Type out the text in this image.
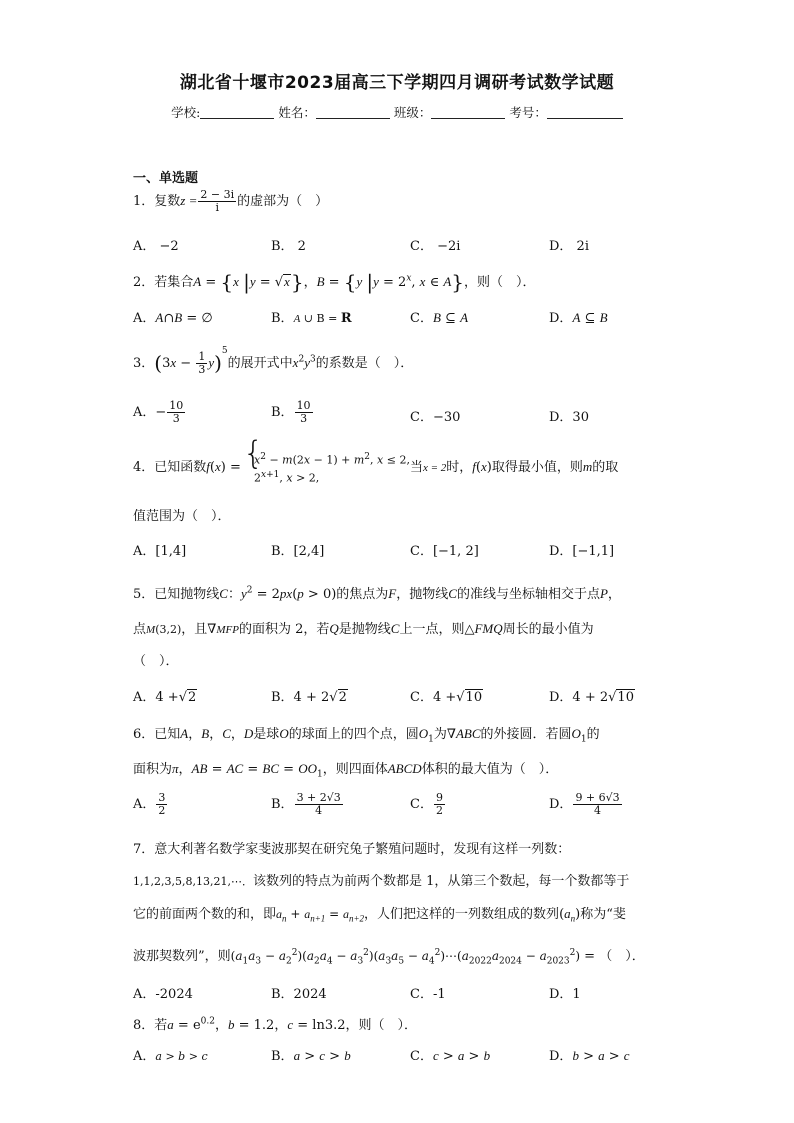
湖北省十堰市2023届高三下学期四月调研考试数学试题
学校:	姓名：	班级：	考号：
一、单选题
1．复数$z = \frac{2 - 3i}{i}$ 的虚部为（　）
A． −2	B． 2	C． −2i	D． 2i
2．若集合A = {x |y = √x}，B = {y $|y = 2^x$, x ∈ A}，则（　）．
A．A∩B = ∅	B．A ∪ B = R	C．B ⊆ A	D．A ⊆ B
3．$(3x - \frac{1}{3} y)^5$的展开式中$x^2y^3$的系数是（　）．
A．− $\frac{10}{3}$	B． $\frac{10}{3}$	C．−30	D．30
4．已知函数f(x) =
{ $x^2 - m(2x - 1) + m^2$, x ≤ 2,
$2^{x+1}$, x > 2,
当x = 2时，f(x)取得最小值，则m的取
值范围为（　）．
A．[1,4]	B．[2,4]	C．[−1, 2]	D．[−1,1]
5．已知抛物线C：$y^2 = 2px(p > 0)$的焦点为F，抛物线C的准线与坐标轴相交于点P，
点M(3,2)，且∇MFP的面积为 2，若Q是抛物线C上一点，则△FMQ周长的最小值为
（　）．
A．4 +√2	B．4 + 2√2	C．4 +√10	D．4 + 2√10
6．已知A，B，C，D是球O的球面上的四个点，圆$O_1$为∇ABC的外接圆．若圆$O_1$的
面积为π，AB = AC = BC = $OO_1$，则四面体ABCD体积的最大值为（　）．
A． $\frac{3}{2}$	B． $\frac{3 + 2√3}{4}$	C． $\frac{9}{2}$	D． $\frac{9 + 6√3}{4}$
7．意大利著名数学家斐波那契在研究兔子繁殖问题时，发现有这样一列数：
1,1,2,3,5,8,13,21,⋯．该数列的特点为前两个数都是 1，从第三个数起，每一个数都等于
它的前面两个数的和，即$a_n + a_{n+1} = a_{n+2}$，人们把这样的一列数组成的数列$(a_n)$称为“斐
波那契数列”，则$(a_1a_3 - a_2^2)(a_2a_4 - a_3^2)(a_3a_5$ − $a_4^2)\cdots(a_{2022}a_{2024} - a_{2023}^2)$ = （　）．
A．-2024	B．2024	C．-1	D．1
8．若$a = e^{0.2}$，b = 1.2，c = ln3.2，则（　）．
A．a > b > c	B．a > c > b	C．c > a > b	D．b > a > c
